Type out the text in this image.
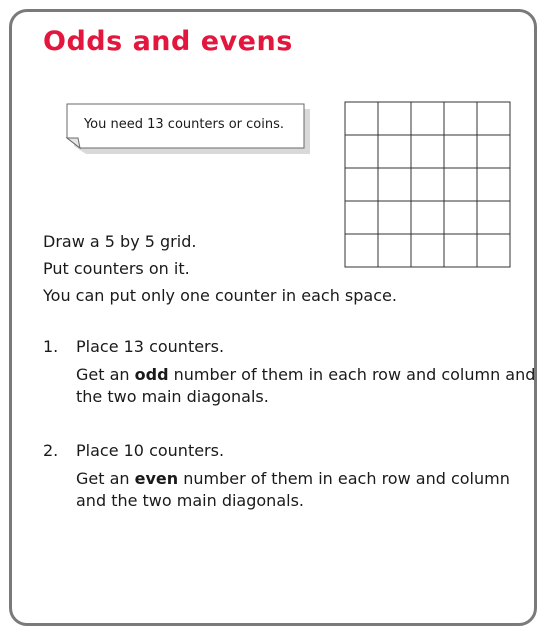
Odds and evens
You need 13 counters or coins.
Draw a 5 by 5 grid.
Put counters on it.
You can put only one counter in each space.
1.	Place 13 counters.
Get an odd number of them in each row and column and the two main diagonals.
2.	Place 10 counters.
Get an even number of them in each row and column and the two main diagonals.
